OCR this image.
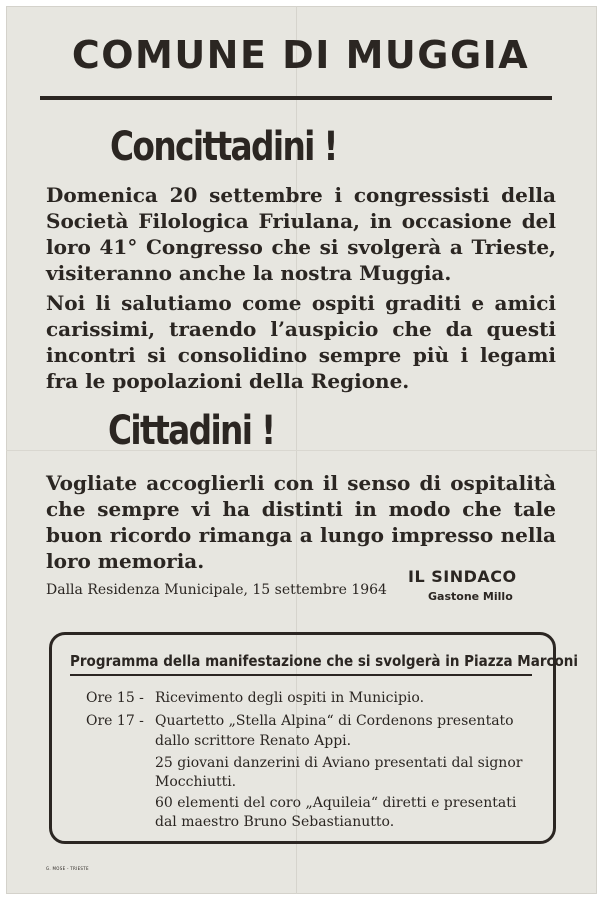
COMUNE DI MUGGIA
Concittadini !
Domenica 20 settembre i congressisti della
Società Filologica Friulana, in occasione del
loro 41° Congresso che si svolgerà a Trieste,
visiteranno anche la nostra Muggia.
Noi li salutiamo come ospiti graditi e amici
carissimi, traendo l’auspicio che da questi
incontri si consolidino sempre più i legami
fra le popolazioni della Regione.
Cittadini !
Vogliate accoglierli con il senso di ospitalità
che sempre vi ha distinti in modo che tale
buon ricordo rimanga a lungo impresso nella
loro memoria.
Dalla Residenza Municipale, 15 settembre 1964
IL SINDACO
Gastone Millo
Programma della manifestazione che si svolgerà in Piazza Marconi
Ore 15 - Ricevimento degli ospiti in Municipio.
Ore 17 - Quartetto „Stella Alpina“ di Cordenons presentato
dallo scrittore Renato Appi.
25 giovani danzerini di Aviano presentati dal signor
Mocchiutti.
60 elementi del coro „Aquileia“ diretti e presentati
dal maestro Bruno Sebastianutto.
G. MOSE - TRIESTE
